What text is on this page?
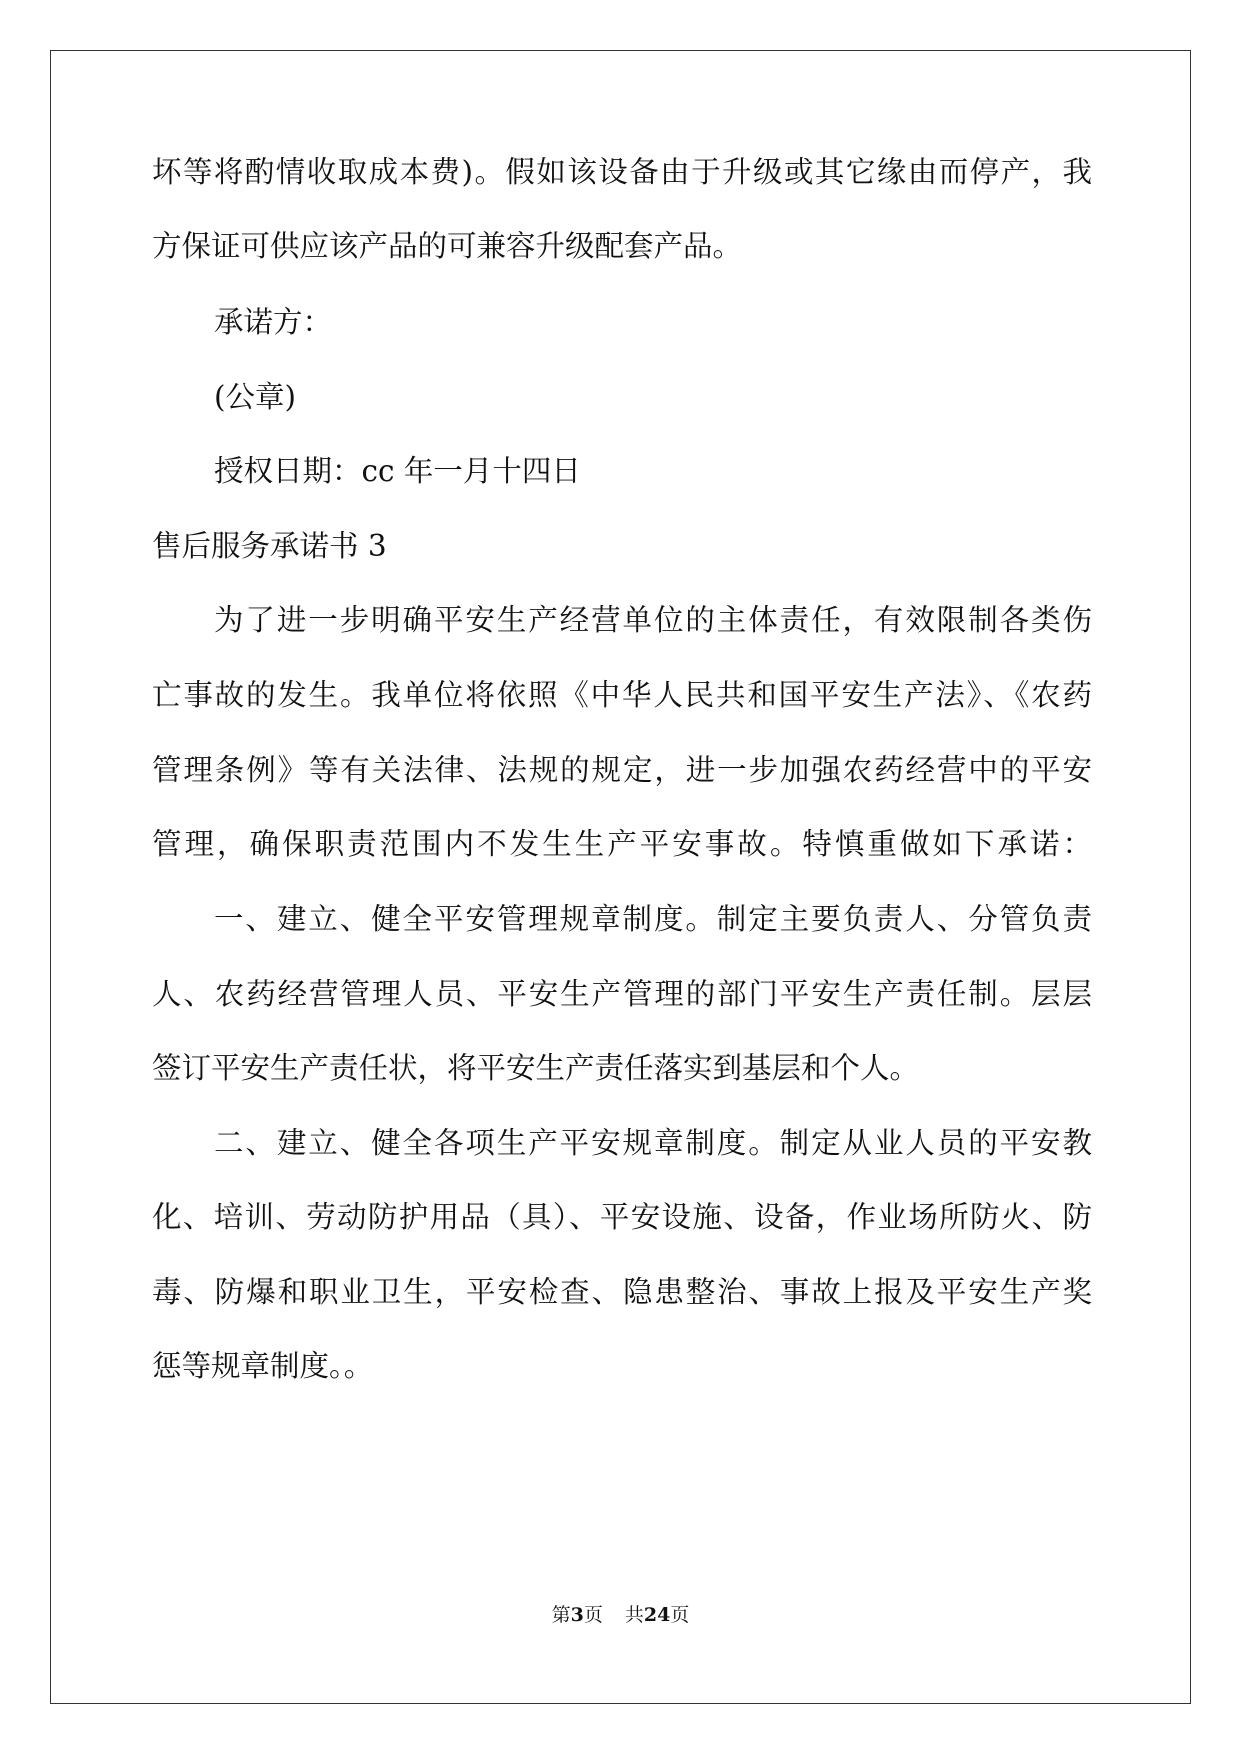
坏等将酌情收取成本费)。假如该设备由于升级或其它缘由而停产，我
方保证可供应该产品的可兼容升级配套产品。
承诺方：
(公章)
授权日期：cc 年一月十四日
售后服务承诺书 3
为了进一步明确平安生产经营单位的主体责任，有效限制各类伤
亡事故的发生。我单位将依照《中华人民共和国平安生产法》、《农药
管理条例》等有关法律、法规的规定，进一步加强农药经营中的平安
管理，确保职责范围内不发生生产平安事故。特慎重做如下承诺：
一、建立、健全平安管理规章制度。制定主要负责人、分管负责
人、农药经营管理人员、平安生产管理的部门平安生产责任制。层层
签订平安生产责任状，将平安生产责任落实到基层和个人。
二、建立、健全各项生产平安规章制度。制定从业人员的平安教
化、培训、劳动防护用品（具）、平安设施、设备，作业场所防火、防
毒、防爆和职业卫生，平安检查、隐患整治、事故上报及平安生产奖
惩等规章制度。。
第3页 共24页
